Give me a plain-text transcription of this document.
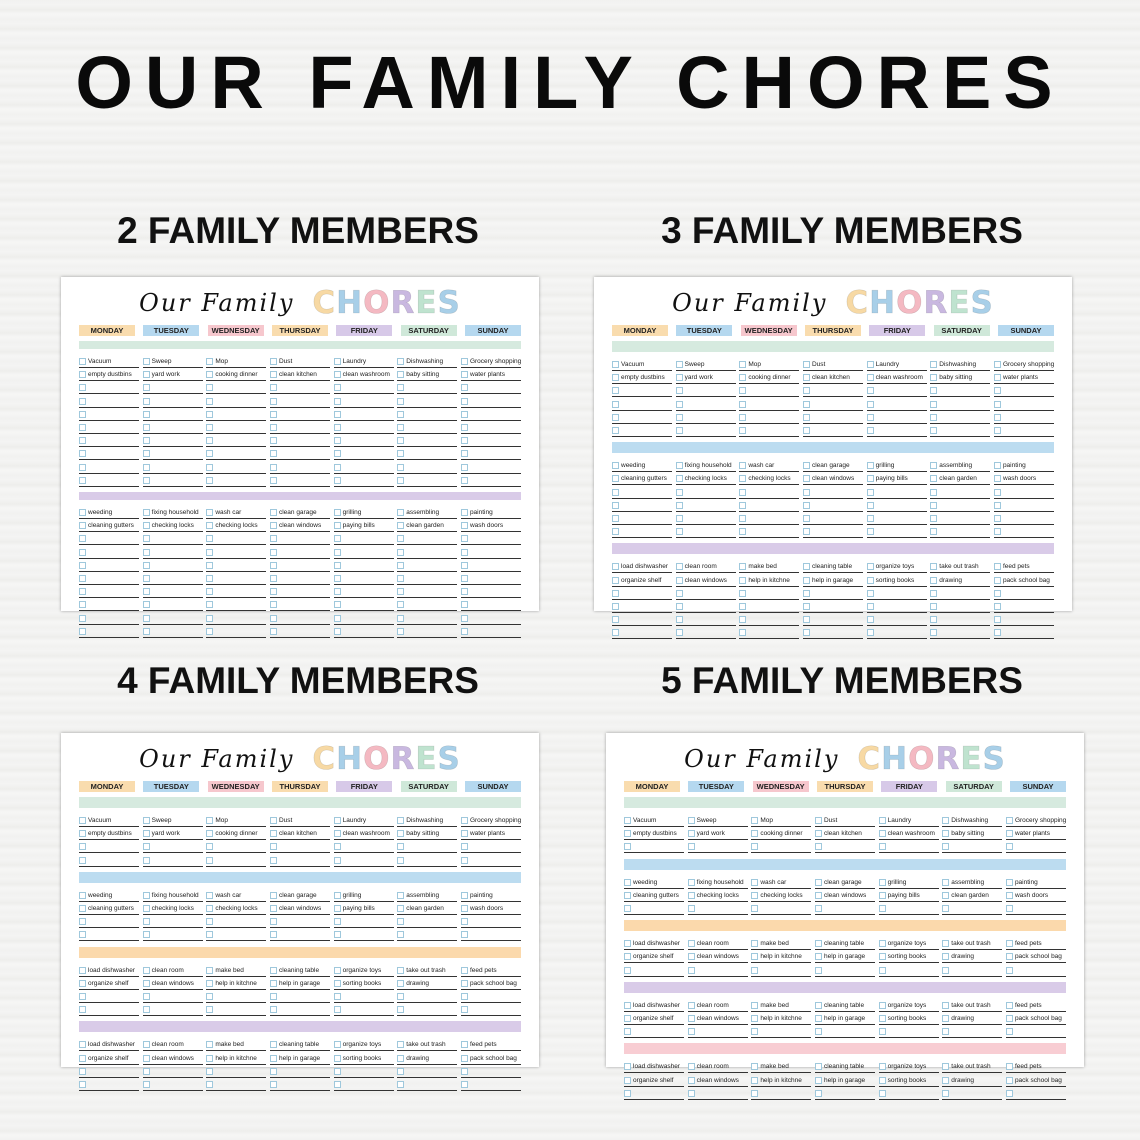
OUR FAMILY CHORES
2 FAMILY MEMBERS	3 FAMILY MEMBERS
4 FAMILY MEMBERS	5 FAMILY MEMBERS
Our Family CHORES
MONDAY	TUESDAY	WEDNESDAY	THURSDAY	FRIDAY	SATURDAY	SUNDAY
Vacuum	Sweep	Mop	Dust	Laundry	Dishwashing	Grocery shopping
empty dustbins	yard work	cooking dinner	clean kitchen	clean washroom	baby sitting	water plants
weeding	fixing household	wash car	clean garage	grilling	assembling	painting
cleaning gutters	checking locks	checking locks	clean windows	paying bills	clean garden	wash doors
Our Family CHORES
MONDAY	TUESDAY	WEDNESDAY	THURSDAY	FRIDAY	SATURDAY	SUNDAY
Vacuum	Sweep	Mop	Dust	Laundry	Dishwashing	Grocery shopping
empty dustbins	yard work	cooking dinner	clean kitchen	clean washroom	baby sitting	water plants
weeding	fixing household	wash car	clean garage	grilling	assembling	painting
cleaning gutters	checking locks	checking locks	clean windows	paying bills	clean garden	wash doors
load dishwasher	clean room	make bed	cleaning table	organize toys	take out trash	feed pets
organize shelf	clean windows	help in kitchne	help in garage	sorting books	drawing	pack school bag
Our Family CHORES
MONDAY	TUESDAY	WEDNESDAY	THURSDAY	FRIDAY	SATURDAY	SUNDAY
Vacuum	Sweep	Mop	Dust	Laundry	Dishwashing	Grocery shopping
empty dustbins	yard work	cooking dinner	clean kitchen	clean washroom	baby sitting	water plants
weeding	fixing household	wash car	clean garage	grilling	assembling	painting
cleaning gutters	checking locks	checking locks	clean windows	paying bills	clean garden	wash doors
load dishwasher	clean room	make bed	cleaning table	organize toys	take out trash	feed pets
organize shelf	clean windows	help in kitchne	help in garage	sorting books	drawing	pack school bag
load dishwasher	clean room	make bed	cleaning table	organize toys	take out trash	feed pets
organize shelf	clean windows	help in kitchne	help in garage	sorting books	drawing	pack school bag
Our Family CHORES
MONDAY	TUESDAY	WEDNESDAY	THURSDAY	FRIDAY	SATURDAY	SUNDAY
Vacuum	Sweep	Mop	Dust	Laundry	Dishwashing	Grocery shopping
empty dustbins	yard work	cooking dinner	clean kitchen	clean washroom	baby sitting	water plants
weeding	fixing household	wash car	clean garage	grilling	assembling	painting
cleaning gutters	checking locks	checking locks	clean windows	paying bills	clean garden	wash doors
load dishwasher	clean room	make bed	cleaning table	organize toys	take out trash	feed pets
organize shelf	clean windows	help in kitchne	help in garage	sorting books	drawing	pack school bag
load dishwasher	clean room	make bed	cleaning table	organize toys	take out trash	feed pets
organize shelf	clean windows	help in kitchne	help in garage	sorting books	drawing	pack school bag
load dishwasher	clean room	make bed	cleaning table	organize toys	take out trash	feed pets
organize shelf	clean windows	help in kitchne	help in garage	sorting books	drawing	pack school bag
